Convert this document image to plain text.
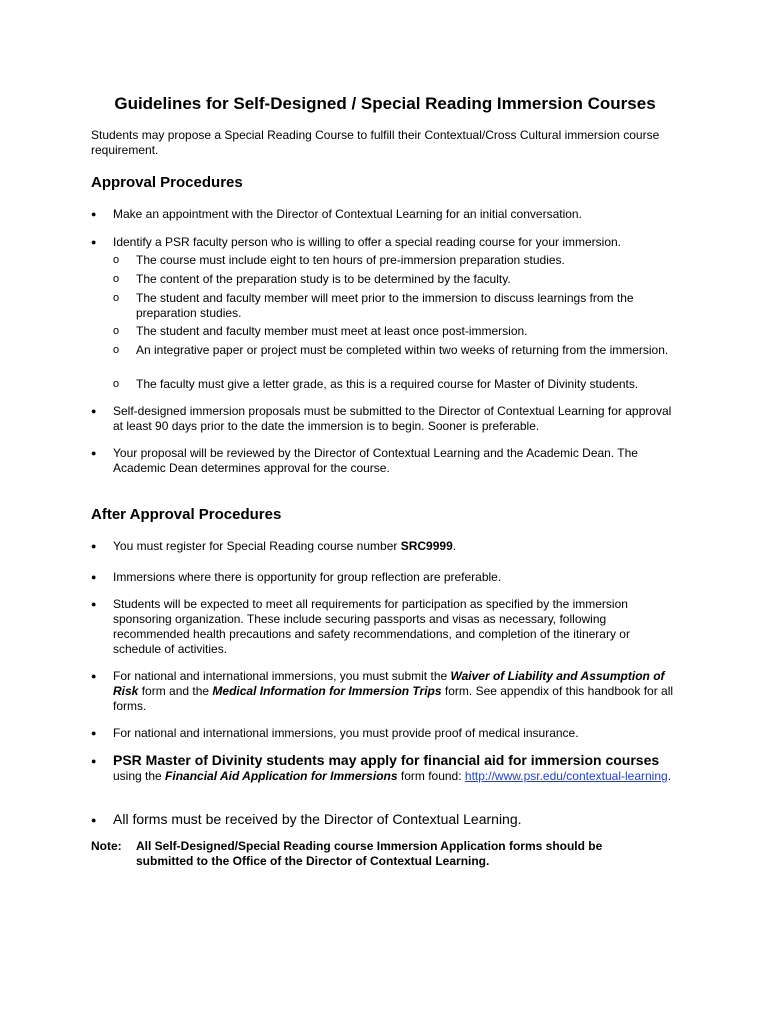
Guidelines for Self-Designed / Special Reading Immersion Courses
Students may propose a Special Reading Course to fulfill their Contextual/Cross Cultural immersion course requirement.
Approval Procedures
●	Make an appointment with the Director of Contextual Learning for an initial conversation.
●	Identify a PSR faculty person who is willing to offer a special reading course for your immersion.
o The course must include eight to ten hours of pre-immersion preparation studies.
o The content of the preparation study is to be determined by the faculty.
o The student and faculty member will meet prior to the immersion to discuss learnings from the preparation studies.
o The student and faculty member must meet at least once post-immersion.
o An integrative paper or project must be completed within two weeks of returning from the immersion.
o The faculty must give a letter grade, as this is a required course for Master of Divinity students.
●	Self-designed immersion proposals must be submitted to the Director of Contextual Learning for approval at least 90 days prior to the date the immersion is to begin. Sooner is preferable.
●	Your proposal will be reviewed by the Director of Contextual Learning and the Academic Dean. The Academic Dean determines approval for the course.
After Approval Procedures
●	You must register for Special Reading course number SRC9999.
●	Immersions where there is opportunity for group reflection are preferable.
●	Students will be expected to meet all requirements for participation as specified by the immersion sponsoring organization. These include securing passports and visas as necessary, following recommended health precautions and safety recommendations, and completion of the itinerary or schedule of activities.
●	For national and international immersions, you must submit the Waiver of Liability and Assumption of Risk form and the Medical Information for Immersion Trips form. See appendix of this handbook for all forms.
●	For national and international immersions, you must provide proof of medical insurance.
●	PSR Master of Divinity students may apply for financial aid for immersion courses
using the Financial Aid Application for Immersions form found: http://www.psr.edu/contextual-learning.
●	All forms must be received by the Director of Contextual Learning.
Note: All Self-Designed/Special Reading course Immersion Application forms should be submitted to the Office of the Director of Contextual Learning.
